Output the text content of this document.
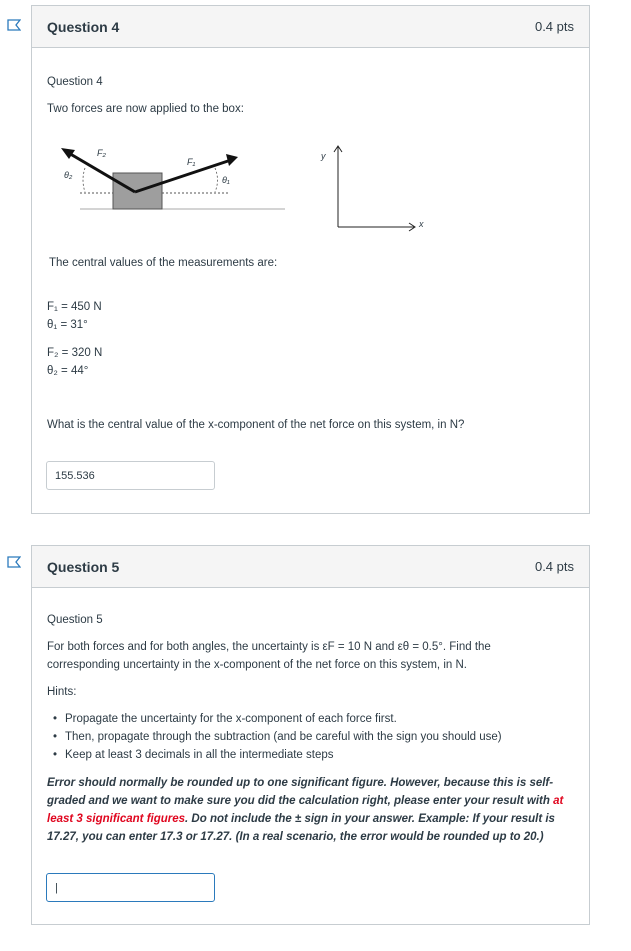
Question 4	0.4 pts
Question 4
Two forces are now applied to the box:
F₂
F₁
θ₂	θ₁
y
x
The central values of the measurements are:
F₁ = 450 N
θ₁ = 31°
F₂ = 320 N
θ₂ = 44°
What is the central value of the x-component of the net force on this system, in N?
155.536
Question 5	0.4 pts
Question 5
For both forces and for both angles, the uncertainty is εF = 10 N and εθ = 0.5°. Find the
corresponding uncertainty in the x-component of the net force on this system, in N.
Hints:
• Propagate the uncertainty for the x-component of each force first.
• Then, propagate through the subtraction (and be careful with the sign you should use)
• Keep at least 3 decimals in all the intermediate steps
Error should normally be rounded up to one significant figure. However, because this is self-graded and we want to make sure you did the calculation right, please enter your result with at least 3 significant figures. Do not include the ± sign in your answer. Example: If your result is 17.27, you can enter 17.3 or 17.27. (In a real scenario, the error would be rounded up to 20.)
|
